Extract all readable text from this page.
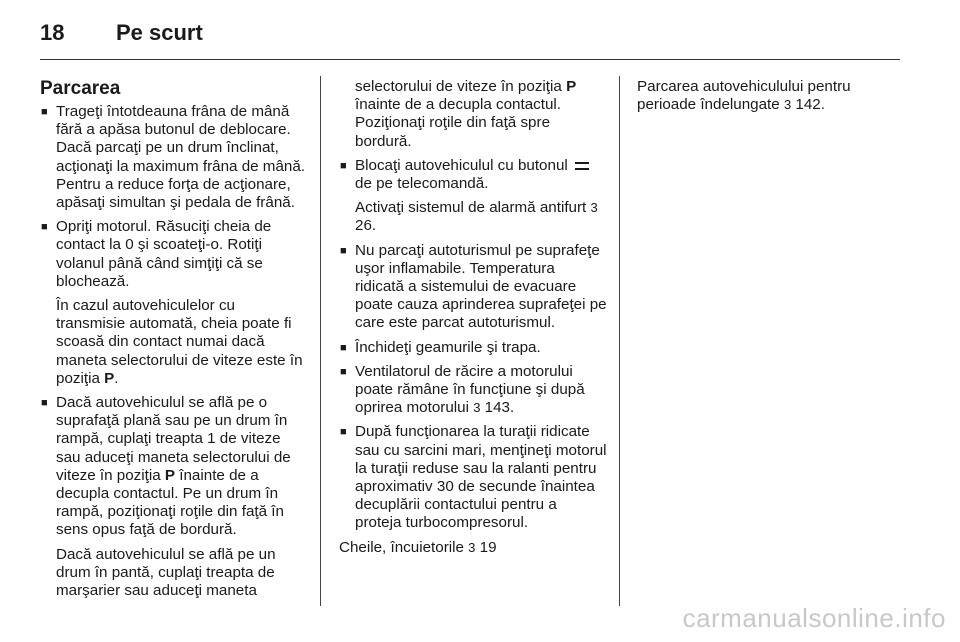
18	Pe scurt
Parcarea

■ Trageţi întotdeauna frâna de mână fără a apăsa butonul de deblocare. Dacă parcaţi pe un drum înclinat, acţionaţi la maximum frâna de mână. Pentru a reduce forţa de acţionare, apăsaţi simultan şi pedala de frână.

■ Opriţi motorul. Răsuciţi cheia de contact la 0 şi scoateţi-o. Rotiţi volanul până când simţiţi că se blochează.

În cazul autovehiculelor cu transmisie automată, cheia poate fi scoasă din contact numai dacă maneta selectorului de viteze este în poziţia P.

■ Dacă autovehiculul se află pe o suprafaţă plană sau pe un drum în rampă, cuplaţi treapta 1 de viteze sau aduceţi maneta selectorului de viteze în poziţia P înainte de a decupla contactul. Pe un drum în rampă, poziţionaţi roţile din faţă în sens opus faţă de bordură.

Dacă autovehiculul se află pe un drum în pantă, cuplaţi treapta de marşarier sau aduceţi maneta

selectorului de viteze în poziţia P înainte de a decupla contactul. Poziţionaţi roţile din faţă spre bordură.

■ Blocaţi autovehiculul cu butonul  de pe telecomandă.

Activaţi sistemul de alarmă antifurt 3 26.

■ Nu parcaţi autoturismul pe suprafeţe uşor inflamabile. Temperatura ridicată a sistemului de evacuare poate cauza aprinderea suprafeţei pe care este parcat autoturismul.

■ Închideţi geamurile şi trapa.

■ Ventilatorul de răcire a motorului poate rămâne în funcţiune şi după oprirea motorului 3 143.

■ După funcţionarea la turaţii ridicate sau cu sarcini mari, menţineţi motorul la turaţii reduse sau la ralanti pentru aproximativ 30 de secunde înaintea decuplării contactului pentru a proteja turbocompresorul.

Cheile, încuietorile 3 19

Parcarea autovehiculului pentru perioade îndelungate 3 142.

carmanualsonline.info
